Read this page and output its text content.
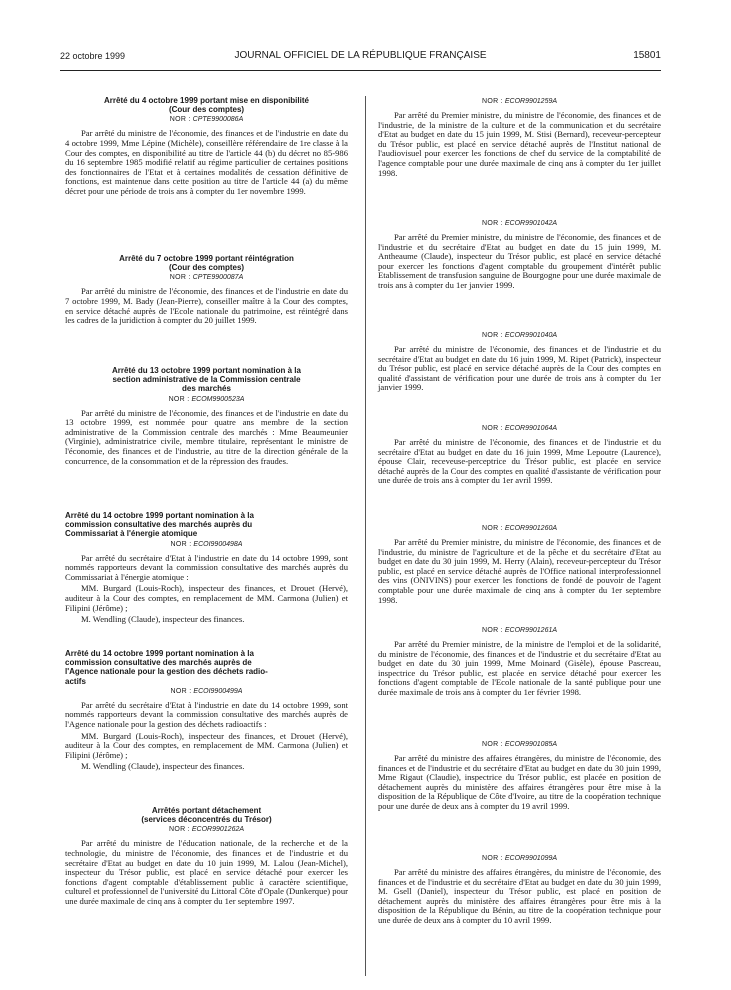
22 octobre 1999	JOURNAL OFFICIEL DE LA RÉPUBLIQUE FRANÇAISE	15801
Arrêté du 4 octobre 1999 portant mise en disponibilité
(Cour des comptes)
NOR : CPTE9900086A

Par arrêté du ministre de l'économie, des finances et de l'industrie en date du 4 octobre 1999, Mme Lépine (Michèle), conseillère référendaire de 1re classe à la Cour des comptes, en disponibilité au titre de l'article 44 (b) du décret no 85-986 du 16 septembre 1985 modifié relatif au régime particulier de certaines positions des fonctionnaires de l'Etat et à certaines modalités de cessation définitive de fonctions, est maintenue dans cette position au titre de l'article 44 (a) du même décret pour une période de trois ans à compter du 1er novembre 1999.

Arrêté du 7 octobre 1999 portant réintégration
(Cour des comptes)
NOR : CPTE9900087A

Par arrêté du ministre de l'économie, des finances et de l'industrie en date du 7 octobre 1999, M. Bady (Jean-Pierre), conseiller maître à la Cour des comptes, en service détaché auprès de l'Ecole nationale du patrimoine, est réintégré dans les cadres de la juridiction à compter du 20 juillet 1999.

Arrêté du 13 octobre 1999 portant nomination à la
section administrative de la Commission centrale
des marchés
NOR : ECOM9900523A

Par arrêté du ministre de l'économie, des finances et de l'industrie en date du 13 octobre 1999, est nommée pour quatre ans membre de la section administrative de la Commission centrale des marchés : Mme Beaumeunier (Virginie), administratrice civile, membre titulaire, représentant le ministre de l'économie, des finances et de l'industrie, au titre de la direction générale de la concurrence, de la consommation et de la répression des fraudes.

Arrêté du 14 octobre 1999 portant nomination à la
commission consultative des marchés auprès du
Commissariat à l'énergie atomique
NOR : ECOI9900498A

Par arrêté du secrétaire d'Etat à l'industrie en date du 14 octobre 1999, sont nommés rapporteurs devant la commission consultative des marchés auprès du Commissariat à l'énergie atomique :

MM. Burgard (Louis-Roch), inspecteur des finances, et Drouet (Hervé), auditeur à la Cour des comptes, en remplacement de MM. Carmona (Julien) et Filipini (Jérôme) ;

M. Wendling (Claude), inspecteur des finances.

Arrêté du 14 octobre 1999 portant nomination à la
commission consultative des marchés auprès de
l'Agence nationale pour la gestion des déchets radio-
actifs
NOR : ECOI9900499A

Par arrêté du secrétaire d'Etat à l'industrie en date du 14 octobre 1999, sont nommés rapporteurs devant la commission consultative des marchés auprès de l'Agence nationale pour la gestion des déchets radioactifs :

MM. Burgard (Louis-Roch), inspecteur des finances, et Drouet (Hervé), auditeur à la Cour des comptes, en remplacement de MM. Carmona (Julien) et Filipini (Jérôme) ;

M. Wendling (Claude), inspecteur des finances.

Arrêtés portant détachement
(services déconcentrés du Trésor)
NOR : ECOR9901262A

Par arrêté du ministre de l'éducation nationale, de la recherche et de la technologie, du ministre de l'économie, des finances et de l'industrie et du secrétaire d'Etat au budget en date du 10 juin 1999, M. Lalou (Jean-Michel), inspecteur du Trésor public, est placé en service détaché pour exercer les fonctions d'agent comptable d'établissement public à caractère scientifique, culturel et professionnel de l'université du Littoral Côte d'Opale (Dunkerque) pour une durée maximale de cinq ans à compter du 1er septembre 1997.

NOR : ECOR9901259A

Par arrêté du Premier ministre, du ministre de l'économie, des finances et de l'industrie, de la ministre de la culture et de la communication et du secrétaire d'Etat au budget en date du 15 juin 1999, M. Stisi (Bernard), receveur-percepteur du Trésor public, est placé en service détaché auprès de l'Institut national de l'audiovisuel pour exercer les fonctions de chef du service de la comptabilité de l'agence comptable pour une durée maximale de cinq ans à compter du 1er juillet 1998.

NOR : ECOR9901042A

Par arrêté du Premier ministre, du ministre de l'économie, des finances et de l'industrie et du secrétaire d'Etat au budget en date du 15 juin 1999, M. Antheaume (Claude), inspecteur du Trésor public, est placé en service détaché pour exercer les fonctions d'agent comptable du groupement d'intérêt public Etablissement de transfusion sanguine de Bourgogne pour une durée maximale de trois ans à compter du 1er janvier 1999.

NOR : ECOR9901040A

Par arrêté du ministre de l'économie, des finances et de l'industrie et du secrétaire d'Etat au budget en date du 16 juin 1999, M. Ripet (Patrick), inspecteur du Trésor public, est placé en service détaché auprès de la Cour des comptes en qualité d'assistant de vérification pour une durée de trois ans à compter du 1er janvier 1999.

NOR : ECOR9901064A

Par arrêté du ministre de l'économie, des finances et de l'industrie et du secrétaire d'Etat au budget en date du 16 juin 1999, Mme Lepoutre (Laurence), épouse Clair, receveuse-perceptrice du Trésor public, est placée en service détaché auprès de la Cour des comptes en qualité d'assistante de vérification pour une durée de trois ans à compter du 1er avril 1999.

NOR : ECOR9901260A

Par arrêté du Premier ministre, du ministre de l'économie, des finances et de l'industrie, du ministre de l'agriculture et de la pêche et du secrétaire d'Etat au budget en date du 30 juin 1999, M. Herry (Alain), receveur-percepteur du Trésor public, est placé en service détaché auprès de l'Office national interprofessionnel des vins (ONIVINS) pour exercer les fonctions de fondé de pouvoir de l'agent comptable pour une durée maximale de cinq ans à compter du 1er septembre 1998.

NOR : ECOR9901261A

Par arrêté du Premier ministre, de la ministre de l'emploi et de la solidarité, du ministre de l'économie, des finances et de l'industrie et du secrétaire d'Etat au budget en date du 30 juin 1999, Mme Moinard (Gisèle), épouse Pascreau, inspectrice du Trésor public, est placée en service détaché pour exercer les fonctions d'agent comptable de l'Ecole nationale de la santé publique pour une durée maximale de trois ans à compter du 1er février 1998.

NOR : ECOR9901085A

Par arrêté du ministre des affaires étrangères, du ministre de l'économie, des finances et de l'industrie et du secrétaire d'Etat au budget en date du 30 juin 1999, Mme Rigaut (Claudie), inspectrice du Trésor public, est placée en position de détachement auprès du ministère des affaires étrangères pour être mise à la disposition de la République de Côte d'Ivoire, au titre de la coopération technique pour une durée de deux ans à compter du 19 avril 1999.

NOR : ECOR9901099A

Par arrêté du ministre des affaires étrangères, du ministre de l'économie, des finances et de l'industrie et du secrétaire d'Etat au budget en date du 30 juin 1999, M. Gsell (Daniel), inspecteur du Trésor public, est placé en position de détachement auprès du ministère des affaires étrangères pour être mis à la disposition de la République du Bénin, au titre de la coopération technique pour une durée de deux ans à compter du 10 avril 1999.
